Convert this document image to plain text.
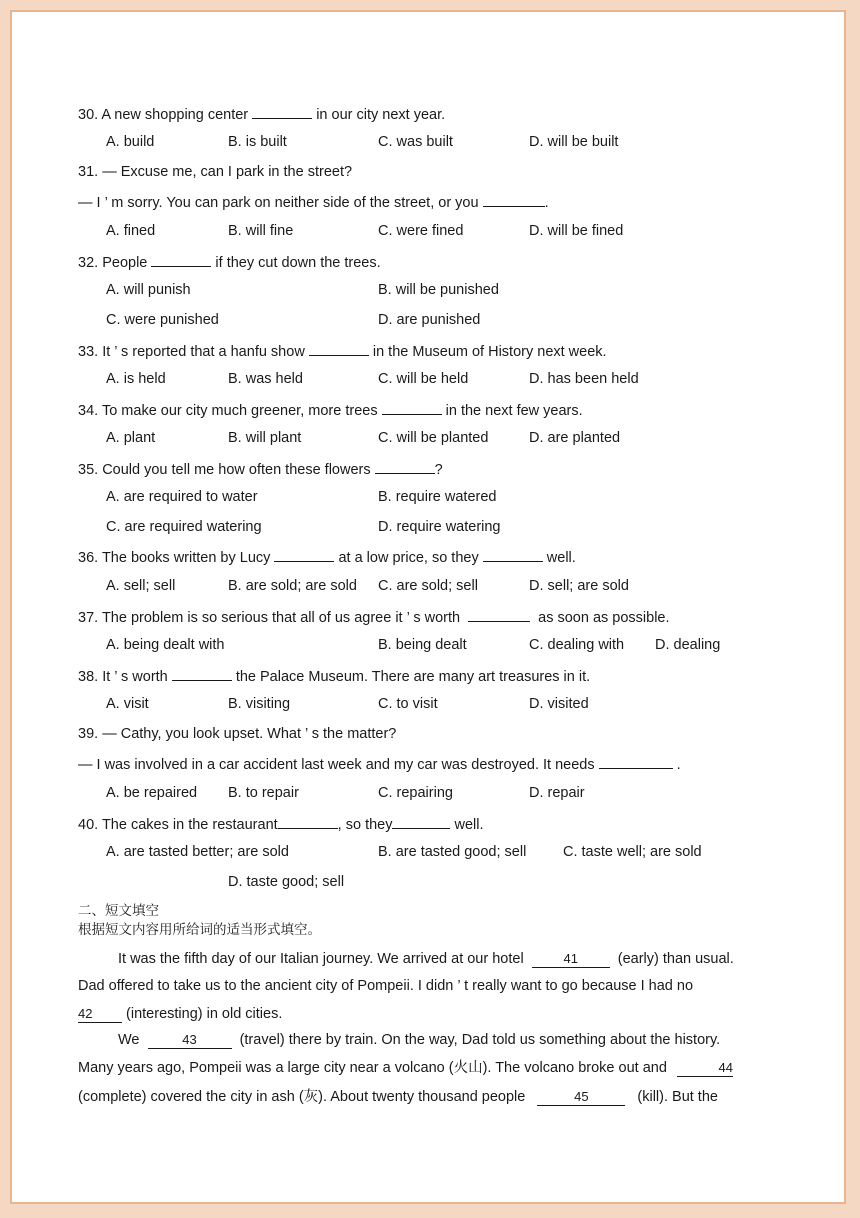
30. A new shopping center	in our city next year.
A. build	B. is built	C. was built	D. will be built
31. — Excuse me, can I park in the street?
— I ’ m sorry. You can park on neither side of the street, or you	.
A. fined	B. will fine	C. were fined	D. will be fined
32. People	if they cut down the trees.
A. will punish	B. will be punished
C. were punished	D. are punished
33. It ’ s reported that a hanfu show	in the Museum of History next week.
A. is held	B. was held	C. will be held	D. has been held
34. To make our city much greener, more trees	in the next few years.
A. plant	B. will plant	C. will be planted	D. are planted
35. Could you tell me how often these flowers	?
A. are required to water	B. require watered
C. are required watering	D. require watering
36. The books written by Lucy	at a low price, so they	well.
A. sell; sell	B. are sold; are sold C. are sold; sell	D. sell; are sold
37. The problem is so serious that all of us agree it ’ s worth	as soon as possible.
A. being dealt with	B. being dealt	C. dealing with D. dealing
38. It ’ s worth	the Palace Museum. There are many art treasures in it.
A. visit	B. visiting	C. to visit	D. visited
39. — Cathy, you look upset. What ’ s the matter?
— I was involved in a car accident last week and my car was destroyed. It needs	.
A. be repaired B. to repair	C. repairing	D. repair
40. The cakes in the restaurant	, so they	well.
A. are tasted better; are sold	B. are tasted good; sell	C. taste well; are sold
D. taste good; sell
二、短文填空
根据短文内容用所给词的适当形式填空。
It was the fifth day of our Italian journey. We arrived at our hotel	41	(early) than usual.
Dad offered to take us to the ancient city of Pompeii. I didn ’ t really want to go because I had no
42 (interesting) in old cities.
We	43	(travel) there by train. On the way, Dad told us something about the history.
Many years ago, Pompeii was a large city near a volcano (火山). The volcano broke out and	44
(complete) covered the city in ash (灰). About twenty thousand people	45	(kill). But the
